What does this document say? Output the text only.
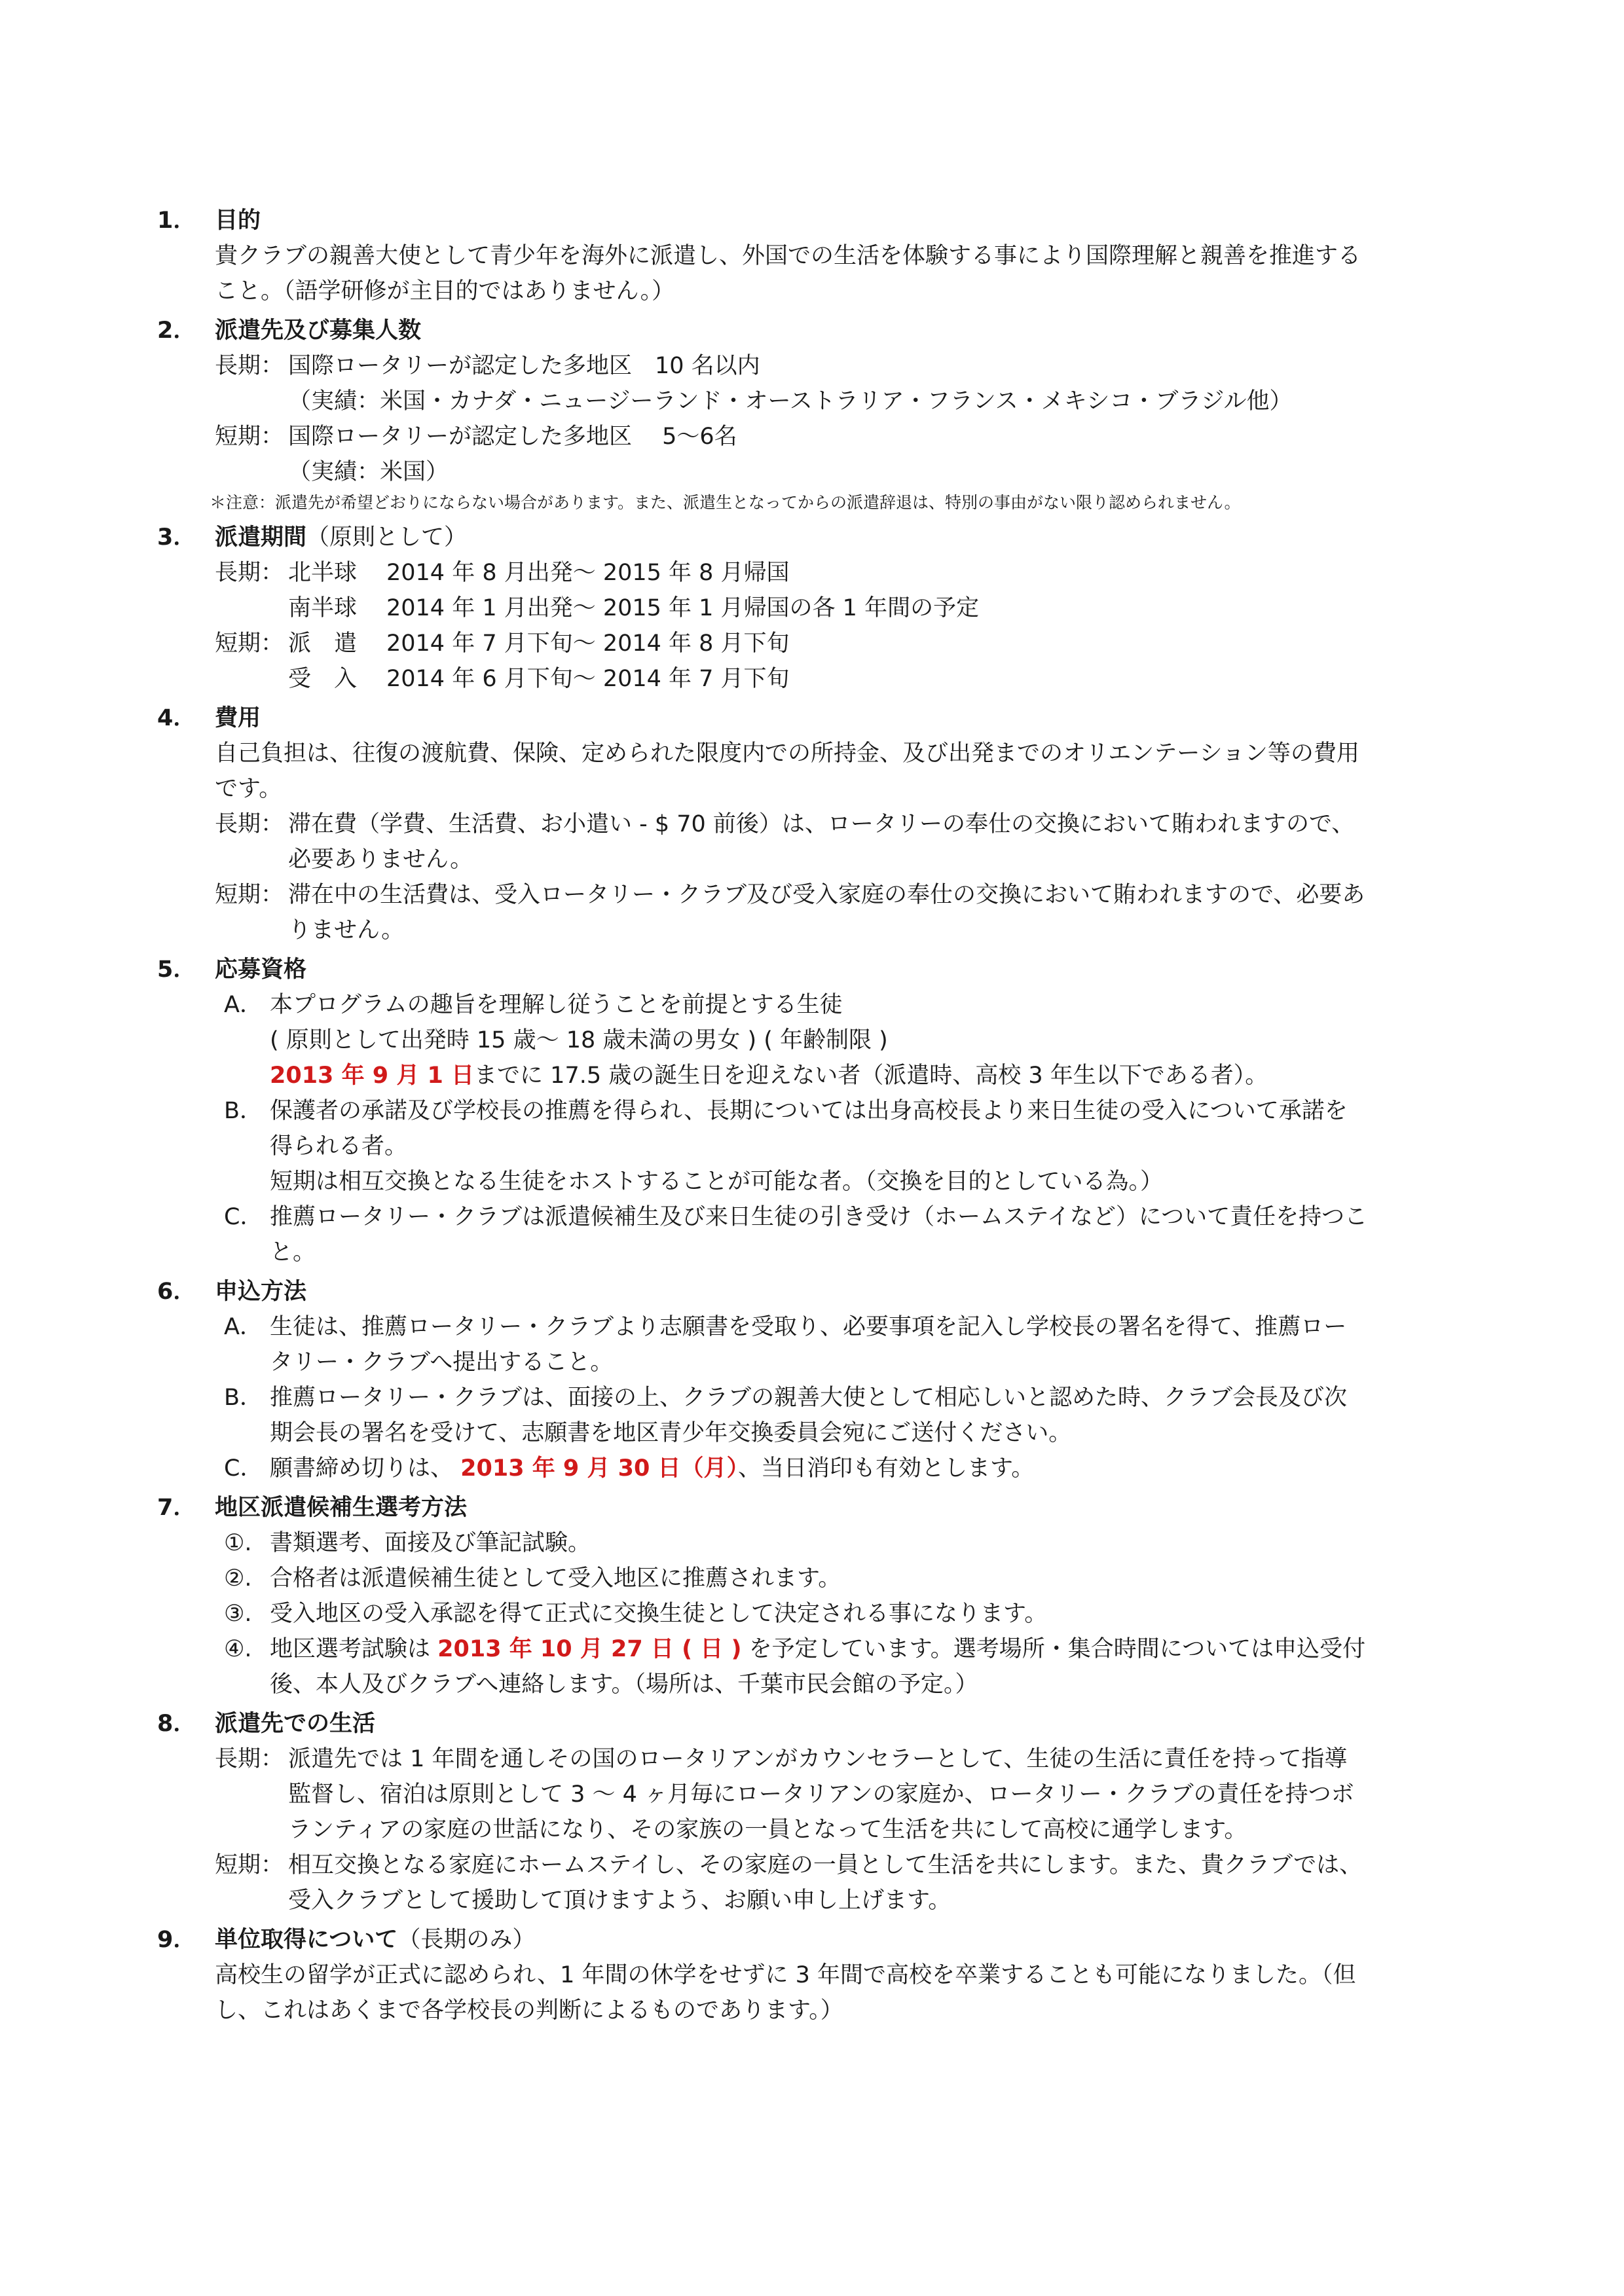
1． 目的
貴クラブの親善大使として青少年を海外に派遣し、外国での生活を体験する事により国際理解と親善を推進すること。（語学研修が主目的ではありません。）
2． 派遣先及び募集人数
長期： 国際ロータリーが認定した多地区　10 名以内
（実績：米国・カナダ・ニュージーランド・オーストラリア・フランス・メキシコ・ブラジル他）
短期： 国際ロータリーが認定した多地区　 5～6名
（実績：米国）
＊注意：派遣先が希望どおりにならない場合があります。また、派遣生となってからの派遣辞退は、特別の事由がない限り認められません。
3． 派遣期間 （原則として）
長期： 北半球 2014 年 8 月出発～ 2015 年 8 月帰国
南半球 2014 年 1 月出発～ 2015 年 1 月帰国の各 1 年間の予定
短期： 派　遣 2014 年 7 月下旬～ 2014 年 8 月下旬
受　入 2014 年 6 月下旬～ 2014 年 7 月下旬
4． 費用
自己負担は、往復の渡航費、保険、定められた限度内での所持金、及び出発までのオリエンテーション等の費用です。
長期： 滞在費（学費、生活費、お小遣い - $ 70 前後）は、ロータリーの奉仕の交換において賄われますので、必要ありません。
短期： 滞在中の生活費は、受入ロータリー・クラブ及び受入家庭の奉仕の交換において賄われますので、必要ありません。
5． 応募資格
A． 本プログラムの趣旨を理解し従うことを前提とする生徒
( 原則として出発時 15 歳～ 18 歳未満の男女 ) ( 年齢制限 )
2013 年 9 月 1 日までに 17.5 歳の誕生日を迎えない者（派遣時、高校 3 年生以下である者）。
B． 保護者の承諾及び学校長の推薦を得られ、長期については出身高校長より来日生徒の受入について承諾を得られる者。
短期は相互交換となる生徒をホストすることが可能な者。（交換を目的としている為。）
C． 推薦ロータリー・クラブは派遣候補生及び来日生徒の引き受け（ホームステイなど）について責任を持つこと。
6． 申込方法
A． 生徒は、推薦ロータリー・クラブより志願書を受取り、必要事項を記入し学校長の署名を得て、推薦ロータリー・クラブへ提出すること。
B． 推薦ロータリー・クラブは、面接の上、クラブの親善大使として相応しいと認めた時、クラブ会長及び次期会長の署名を受けて、志願書を地区青少年交換委員会宛にご送付ください。
C． 願書締め切りは、 2013 年 9 月 30 日（月）、当日消印も有効とします。
7． 地区派遣候補生選考方法
①. 書類選考、面接及び筆記試験。
②. 合格者は派遣候補生徒として受入地区に推薦されます。
③. 受入地区の受入承認を得て正式に交換生徒として決定される事になります。
④. 地区選考試験は 2013 年 10 月 27 日 ( 日 ) を予定しています。選考場所・集合時間については申込受付後、本人及びクラブへ連絡します。（場所は、千葉市民会館の予定。）
8． 派遣先での生活
長期： 派遣先では 1 年間を通しその国のロータリアンがカウンセラーとして、生徒の生活に責任を持って指導監督し、宿泊は原則として 3 ～ 4 ヶ月毎にロータリアンの家庭か、ロータリー・クラブの責任を持つボランティアの家庭の世話になり、その家族の一員となって生活を共にして高校に通学します。
短期： 相互交換となる家庭にホームステイし、その家庭の一員として生活を共にします。また、貴クラブでは、受入クラブとして援助して頂けますよう、お願い申し上げます。
9． 単位取得について （長期のみ）
高校生の留学が正式に認められ、1 年間の休学をせずに 3 年間で高校を卒業することも可能になりました。（但し、これはあくまで各学校長の判断によるものであります。）
